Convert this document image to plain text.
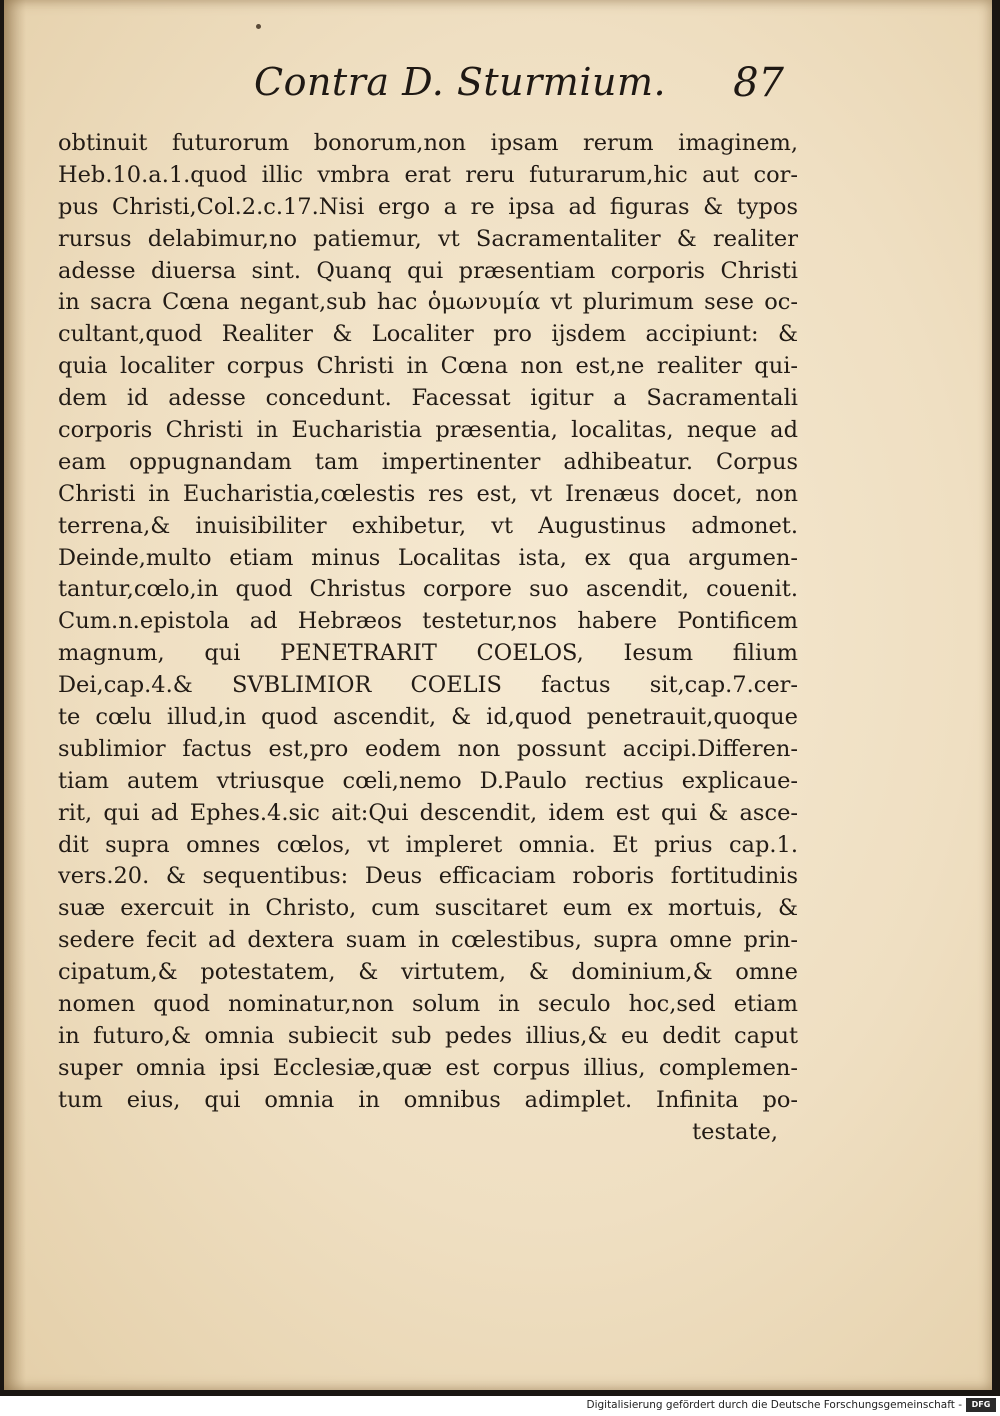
Contra D. Sturmium. 87
obtinuit futurorum bonorum,non ipsam rerum imaginem,
Heb.10.a.1.quod illic vmbra erat reru futurarum,hic aut cor-
pus Christi,Col.2.c.17.Nisi ergo a re ipsa ad figuras & typos
rursus delabimur,no patiemur, vt Sacramentaliter & realiter
adesse diuersa sint. Quanq qui præsentiam corporis Christi
in sacra Cœna negant,sub hac ὁμωνυμία vt plurimum sese oc-
cultant,quod Realiter & Localiter pro ijsdem accipiunt: &
quia localiter corpus Christi in Cœna non est,ne realiter qui-
dem id adesse concedunt. Facessat igitur a Sacramentali
corporis Christi in Eucharistia præsentia, localitas, neque ad
eam oppugnandam tam impertinenter adhibeatur. Corpus
Christi in Eucharistia,cœlestis res est, vt Irenæus docet, non
terrena,& inuisibiliter exhibetur, vt Augustinus admonet.
Deinde,multo etiam minus Localitas ista, ex qua argumen-
tantur,cœlo,in quod Christus corpore suo ascendit, couenit.
Cum.n.epistola ad Hebræos testetur,nos habere Pontificem
magnum, qui PENETRARIT COELOS, Iesum filium
Dei,cap.4.& SVBLIMIOR COELIS factus sit,cap.7.cer-
te cœlu illud,in quod ascendit, & id,quod penetrauit,quoque
sublimior factus est,pro eodem non possunt accipi.Differen-
tiam autem vtriusque cœli,nemo D.Paulo rectius explicaue-
rit, qui ad Ephes.4.sic ait:Qui descendit, idem est qui & asce-
dit supra omnes cœlos, vt impleret omnia. Et prius cap.1.
vers.20. & sequentibus: Deus efficaciam roboris fortitudinis
suæ exercuit in Christo, cum suscitaret eum ex mortuis, &
sedere fecit ad dextera suam in cœlestibus, supra omne prin-
cipatum,& potestatem, & virtutem, & dominium,& omne
nomen quod nominatur,non solum in seculo hoc,sed etiam
in futuro,& omnia subiecit sub pedes illius,& eu dedit caput
super omnia ipsi Ecclesiæ,quæ est corpus illius, complemen-
tum eius, qui omnia in omnibus adimplet. Infinita po-
testate,
Digitalisierung gefördert durch die Deutsche Forschungsgemeinschaft -	DFG
